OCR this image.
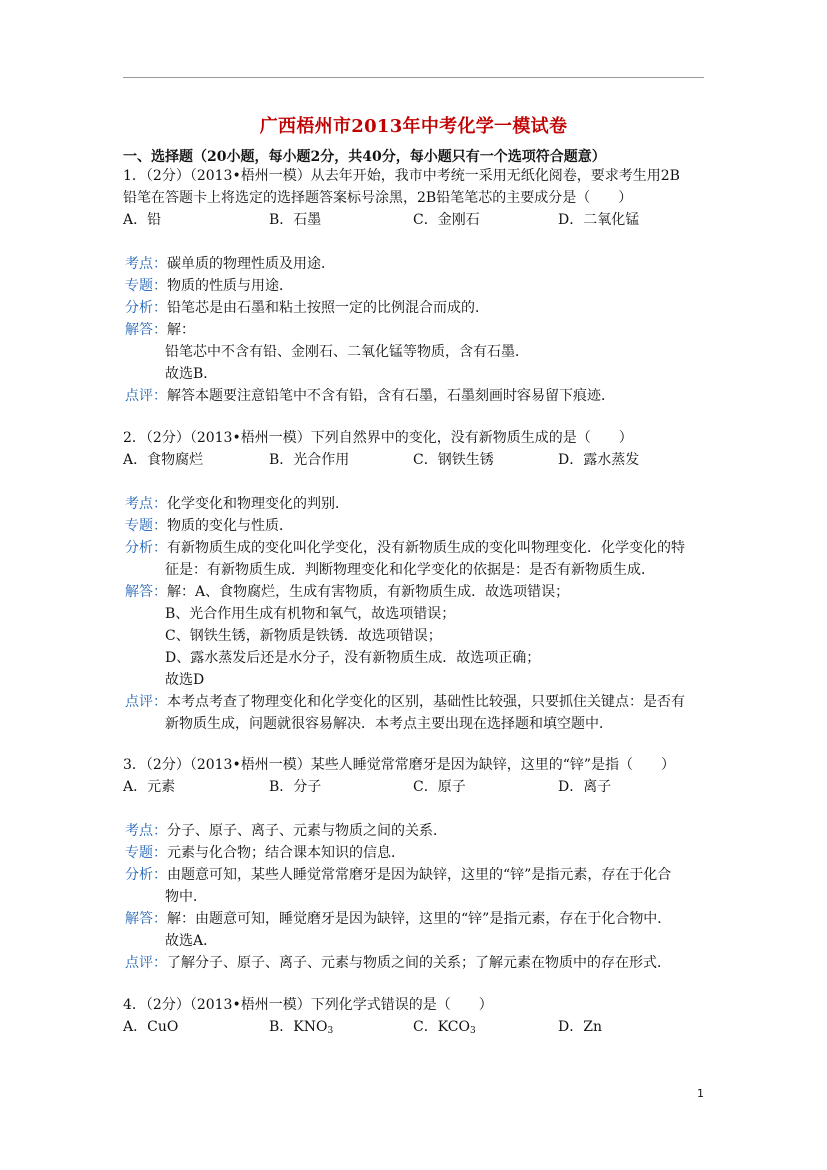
广西梧州市2013年中考化学一模试卷
一、选择题（20小题，每小题2分，共40分，每小题只有一个选项符合题意）
1．（2分）（2013•梧州一模）从去年开始，我市中考统一采用无纸化阅卷，要求考生用2B
铅笔在答题卡上将选定的选择题答案标号涂黑，2B铅笔笔芯的主要成分是（　　）
A．铅	B．石墨	C．金刚石	D．二氧化锰
考点：碳单质的物理性质及用途．
专题：物质的性质与用途．
分析：铅笔芯是由石墨和粘土按照一定的比例混合而成的．
解答：解：
铅笔芯中不含有铅、金刚石、二氧化锰等物质，含有石墨．
故选B．
点评：解答本题要注意铅笔中不含有铅，含有石墨，石墨刻画时容易留下痕迹．
2．（2分）（2013•梧州一模）下列自然界中的变化，没有新物质生成的是（　　）
A．食物腐烂	B．光合作用	C．钢铁生锈	D．露水蒸发
考点：化学变化和物理变化的判别．
专题：物质的变化与性质．
分析：有新物质生成的变化叫化学变化，没有新物质生成的变化叫物理变化．化学变化的特
征是：有新物质生成．判断物理变化和化学变化的依据是：是否有新物质生成．
解答：解：A、食物腐烂，生成有害物质，有新物质生成．故选项错误；
B、光合作用生成有机物和氧气，故选项错误；
C、钢铁生锈，新物质是铁锈．故选项错误；
D、露水蒸发后还是水分子，没有新物质生成．故选项正确；
故选D
点评：本考点考查了物理变化和化学变化的区别，基础性比较强，只要抓住关键点：是否有
新物质生成，问题就很容易解决．本考点主要出现在选择题和填空题中．
3．（2分）（2013•梧州一模）某些人睡觉常常磨牙是因为缺锌，这里的“锌”是指（　　）
A．元素	B．分子	C．原子	D．离子
考点：分子、原子、离子、元素与物质之间的关系．
专题：元素与化合物；结合课本知识的信息．
分析：由题意可知，某些人睡觉常常磨牙是因为缺锌，这里的“锌”是指元素，存在于化合
物中．
解答：解：由题意可知，睡觉磨牙是因为缺锌，这里的“锌”是指元素，存在于化合物中．
故选A．
点评：了解分子、原子、离子、元素与物质之间的关系；了解元素在物质中的存在形式．
4．（2分）（2013•梧州一模）下列化学式错误的是（　　）
A．CuO	B．$KNO_3$	C．$KCO_3$	D．Zn
1
